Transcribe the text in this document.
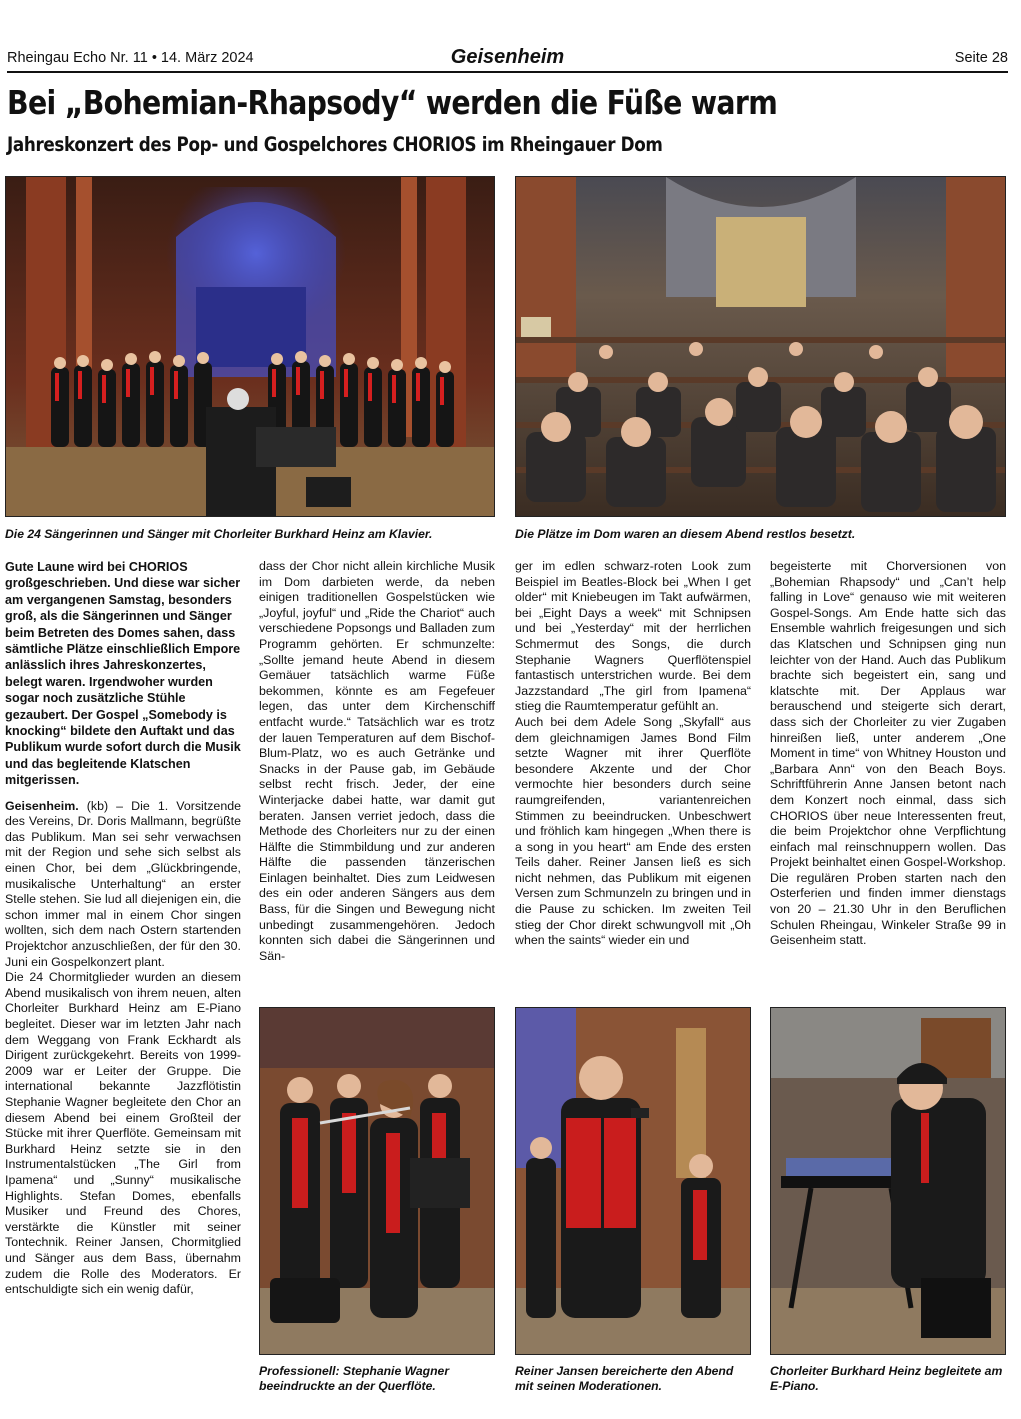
Rheingau Echo Nr. 11 • 14. März 2024	Geisenheim	Seite 28
Bei „Bohemian-Rhapsody“ werden die Füße warm
Jahreskonzert des Pop- und Gospelchores CHORIOS im Rheingauer Dom
Die 24 Sängerinnen und Sänger mit Chorleiter Burkhard Heinz am Klavier.	Die Plätze im Dom waren an diesem Abend restlos besetzt.

Gute Laune wird bei CHORIOS großgeschrieben. Und diese war sicher am vergangenen Samstag, besonders groß, als die Sängerinnen und Sänger beim Betreten des Domes sahen, dass sämtliche Plätze einschließlich Empore anlässlich ihres Jahreskonzertes, belegt waren. Irgendwoher wurden sogar noch zusätzliche Stühle gezaubert. Der Gospel „Somebody is knocking“ bildete den Auftakt und das Publikum wurde sofort durch die Musik und das begleitende Klatschen mitgerissen.

Geisenheim. (kb) – Die 1. Vorsitzende des Vereins, Dr. Doris Mallmann, begrüßte das Publikum. Man sei sehr verwachsen mit der Region und sehe sich selbst als einen Chor, bei dem „Glückbringende, musikalische Unterhaltung“ an erster Stelle stehen. Sie lud all diejenigen ein, die schon immer mal in einem Chor singen wollten, sich dem nach Ostern startenden Projektchor anzuschließen, der für den 30. Juni ein Gospelkonzert plant.

Die 24 Chormitglieder wurden an diesem Abend musikalisch von ihrem neuen, alten Chorleiter Burkhard Heinz am E-Piano begleitet. Dieser war im letzten Jahr nach dem Weggang von Frank Eckhardt als Dirigent zurückgekehrt. Bereits von 1999-2009 war er Leiter der Gruppe. Die international bekannte Jazzflötistin Stephanie Wagner begleitete den Chor an diesem Abend bei einem Großteil der Stücke mit ihrer Querflöte. Gemeinsam mit Burkhard Heinz setzte sie in den Instrumentalstücken „The Girl from Ipamena“ und „Sunny“ musikalische Highlights. Stefan Domes, ebenfalls Musiker und Freund des Chores, verstärkte die Künstler mit seiner Tontechnik. Reiner Jansen, Chormitglied und Sänger aus dem Bass, übernahm zudem die Rolle des Moderators. Er entschuldigte sich ein wenig dafür,

dass der Chor nicht allein kirchliche Musik im Dom darbieten werde, da neben einigen traditionellen Gospelstücken wie „Joyful, joyful“ und „Ride the Chariot“ auch verschiedene Popsongs und Balladen zum Programm gehörten. Er schmunzelte: „Sollte jemand heute Abend in diesem Gemäuer tatsächlich warme Füße bekommen, könnte es am Fegefeuer legen, das unter dem Kirchenschiff entfacht wurde.“ Tatsächlich war es trotz der lauen Temperaturen auf dem Bischof-Blum-Platz, wo es auch Getränke und Snacks in der Pause gab, im Gebäude selbst recht frisch. Jeder, der eine Winterjacke dabei hatte, war damit gut beraten. Jansen verriet jedoch, dass die Methode des Chorleiters nur zu der einen Hälfte die Stimmbildung und zur anderen Hälfte die passenden tänzerischen Einlagen beinhaltet. Dies zum Leidwesen des ein oder anderen Sängers aus dem Bass, für die Singen und Bewegung nicht unbedingt zusammengehören. Jedoch konnten sich dabei die Sängerinnen und Sän-

ger im edlen schwarz-roten Look zum Beispiel im Beatles-Block bei „When I get older“ mit Kniebeugen im Takt aufwärmen, bei „Eight Days a week“ mit Schnipsen und bei „Yesterday“ mit der herrlichen Schmermut des Songs, die durch Stephanie Wagners Querflötenspiel fantastisch unterstrichen wurde. Bei dem Jazzstandard „The girl from Ipamena“ stieg die Raumtemperatur gefühlt an.

Auch bei dem Adele Song „Skyfall“ aus dem gleichnamigen James Bond Film setzte Wagner mit ihrer Querflöte besondere Akzente und der Chor vermochte hier besonders durch seine raumgreifenden, variantenreichen Stimmen zu beeindrucken. Unbeschwert und fröhlich kam hingegen „When there is a song in you heart“ am Ende des ersten Teils daher. Reiner Jansen ließ es sich nicht nehmen, das Publikum mit eigenen Versen zum Schmunzeln zu bringen und in die Pause zu schicken. Im zweiten Teil stieg der Chor direkt schwungvoll mit „Oh when the saints“ wieder ein und

begeisterte mit Chorversionen von „Bohemian Rhapsody“ und „Can’t help falling in Love“ genauso wie mit weiteren Gospel-Songs. Am Ende hatte sich das Ensemble wahrlich freigesungen und sich das Klatschen und Schnipsen ging nun leichter von der Hand. Auch das Publikum brachte sich begeistert ein, sang und klatschte mit. Der Applaus war berauschend und steigerte sich derart, dass sich der Chorleiter zu vier Zugaben hinreißen ließ, unter anderem „One Moment in time“ von Whitney Houston und „Barbara Ann“ von den Beach Boys. Schriftführerin Anne Jansen betont nach dem Konzert noch einmal, dass sich CHORIOS über neue Interessenten freut, die beim Projektchor ohne Verpflichtung einfach mal reinschnuppern wollen. Das Projekt beinhaltet einen Gospel-Workshop. Die regulären Proben starten nach den Osterferien und finden immer dienstags von 20 – 21.30 Uhr in den Beruflichen Schulen Rheingau, Winkeler Straße 99 in Geisenheim statt.

Professionell: Stephanie Wagner beeindruckte an der Querflöte.
Reiner Jansen bereicherte den Abend mit seinen Moderationen.
Chorleiter Burkhard Heinz begleitete am E-Piano.
